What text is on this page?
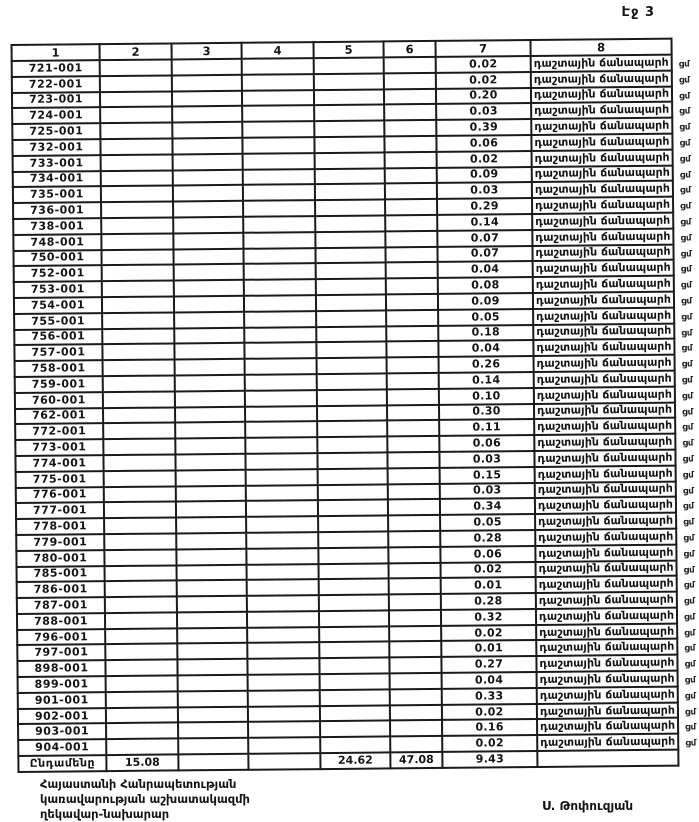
Էջ 3
1	2	3	4	5	6	7	8
721-001						0.02	դաշտային ճանապարհ ցմ

722-001						0.02	դաշտային ճանապարհ ցմ

723-001						0.20	դաշտային ճանապարհ ցմ

724-001						0.03	դաշտային ճանապարհ ցմ

725-001						0.39	դաշտային ճանապարհ ցմ

732-001						0.06	դաշտային ճանապարհ ցմ

733-001						0.02	դաշտային ճանապարհ ցմ

734-001						0.09	դաշտային ճանապարհ ցմ

735-001						0.03	դաշտային ճանապարհ ցմ

736-001						0.29	դաշտային ճանապարհ ցմ

738-001						0.14	դաշտային ճանապարհ ցմ

748-001						0.07	դաշտային ճանապարհ ցմ

750-001						0.07	դաշտային ճանապարհ ցմ

752-001						0.04	դաշտային ճանապարհ ցմ

753-001						0.08	դաշտային ճանապարհ ցմ

754-001						0.09	դաշտային ճանապարհ ցմ

755-001						0.05	դաշտային ճանապարհ ցմ

756-001						0.18	դաշտային ճանապարհ ցմ

757-001						0.04	դաշտային ճանապարհ ցմ

758-001						0.26	դաշտային ճանապարհ ցմ

759-001						0.14	դաշտային ճանապարհ ցմ

760-001						0.10	դաշտային ճանապարհ ցմ

762-001						0.30	դաշտային ճանապարհ ցմ

772-001						0.11	դաշտային ճանապարհ ցմ

773-001						0.06	դաշտային ճանապարհ ցմ

774-001						0.03	դաշտային ճանապարհ ցմ

775-001						0.15	դաշտային ճանապարհ ցմ

776-001						0.03	դաշտային ճանապարհ ցմ

777-001						0.34	դաշտային ճանապարհ ցմ

778-001						0.05	դաշտային ճանապարհ ցմ

779-001						0.28	դաշտային ճանապարհ ցմ

780-001						0.06	դաշտային ճանապարհ ցմ

785-001						0.02	դաշտային ճանապարհ ցմ

786-001						0.01	դաշտային ճանապարհ ցմ

787-001						0.28	դաշտային ճանապարհ ցմ

788-001						0.32	դաշտային ճանապարհ ցմ

796-001						0.02	դաշտային ճանապարհ ցմ

797-001						0.01	դաշտային ճանապարհ ցմ

898-001						0.27	դաշտային ճանապարհ ցմ

899-001						0.04	դաշտային ճանապարհ ցմ

901-001						0.33	դաշտային ճանապարհ ցմ

902-001						0.02	դաշտային ճանապարհ ցմ

903-001						0.16	դաշտային ճանապարհ ցմ

904-001						0.02	դաշտային ճանապարհ ցմ

Ընդամենը	15.08			24.62	47.08	9.43	
Հայաստանի Հանրապետության
կառավարության աշխատակազմի
ղեկավար-նախարար
Ս. Թոփուզյան
